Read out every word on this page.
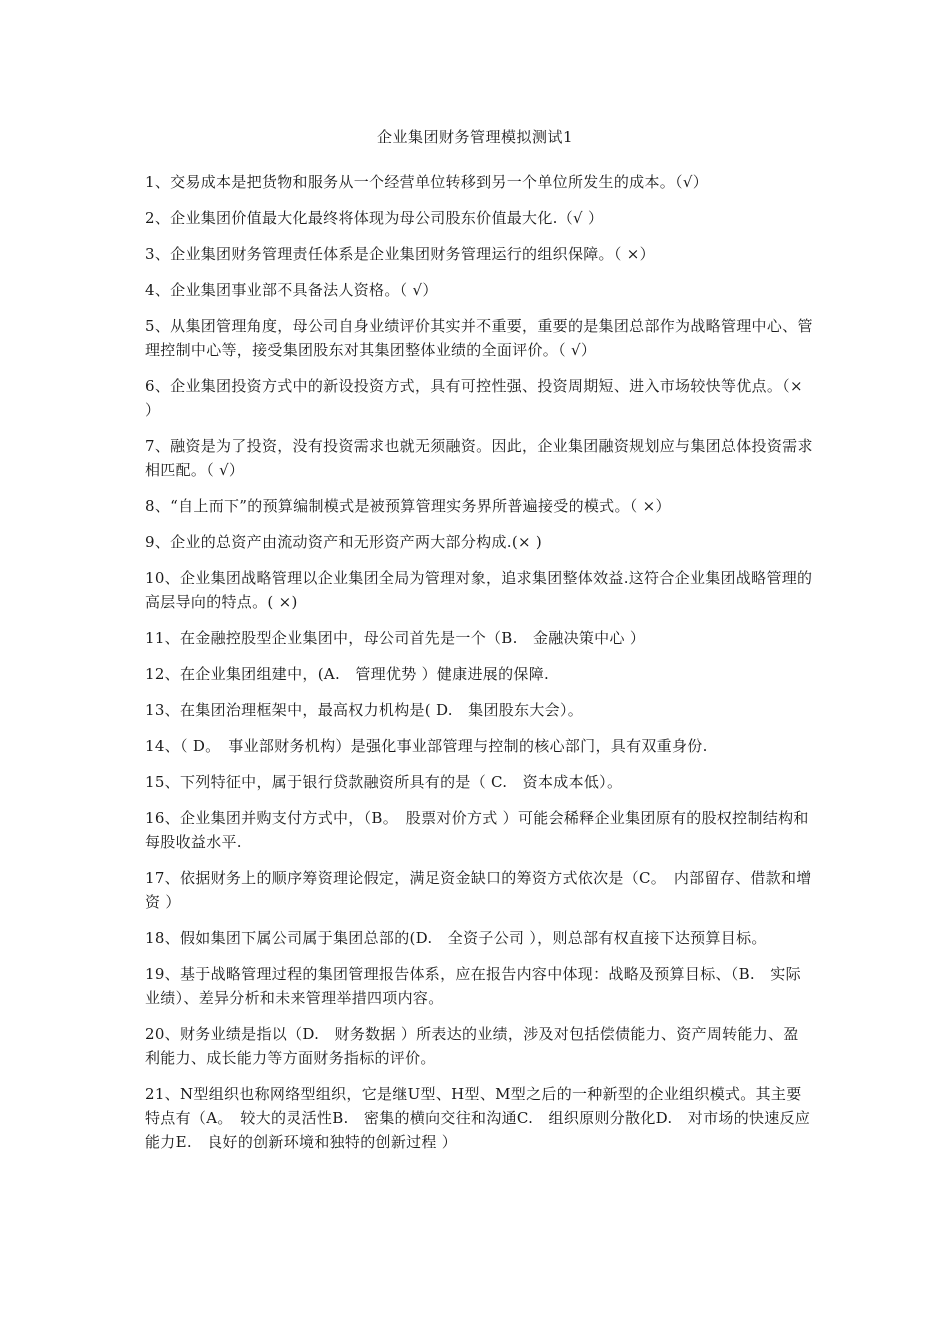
企业集团财务管理模拟测试1
1、交易成本是把货物和服务从一个经营单位转移到另一个单位所发生的成本。（√）
2、企业集团价值最大化最终将体现为母公司股东价值最大化.（√ ）
3、企业集团财务管理责任体系是企业集团财务管理运行的组织保障。（ ×）
4、企业集团事业部不具备法人资格。（ √）
5、从集团管理角度，母公司自身业绩评价其实并不重要，重要的是集团总部作为战略管理中心、管理控制中心等，接受集团股东对其集团整体业绩的全面评价。（ √）
6、企业集团投资方式中的新设投资方式，具有可控性强、投资周期短、进入市场较快等优点。（× ）
7、融资是为了投资，没有投资需求也就无须融资。因此，企业集团融资规划应与集团总体投资需求相匹配。（ √）
8、“自上而下”的预算编制模式是被预算管理实务界所普遍接受的模式。（ ×）
9、企业的总资产由流动资产和无形资产两大部分构成.(× )
10、企业集团战略管理以企业集团全局为管理对象，追求集团整体效益.这符合企业集团战略管理的高层导向的特点。( ×)
11、在金融控股型企业集团中，母公司首先是一个（B.　金融决策中心 ）
12、在企业集团组建中，(A.　管理优势 ）健康进展的保障.
13、在集团治理框架中，最高权力机构是( D.　集团股东大会）。
14、（ D。　事业部财务机构）是强化事业部管理与控制的核心部门，具有双重身份.
15、下列特征中，属于银行贷款融资所具有的是（ C.　资本成本低）。
16、企业集团并购支付方式中，（B。　股票对价方式 ）可能会稀释企业集团原有的股权控制结构和每股收益水平.
17、依据财务上的顺序筹资理论假定，满足资金缺口的筹资方式依次是（C。　内部留存、借款和增资 ）
18、假如集团下属公司属于集团总部的(D.　全资子公司 ），则总部有权直接下达预算目标。
19、基于战略管理过程的集团管理报告体系，应在报告内容中体现：战略及预算目标、（B.　实际业绩）、差异分析和未来管理举措四项内容。
20、财务业绩是指以（D.　财务数据 ）所表达的业绩，涉及对包括偿债能力、资产周转能力、盈利能力、成长能力等方面财务指标的评价。
21、N型组织也称网络型组织，它是继U型、H型、M型之后的一种新型的企业组织模式。其主要特点有（A。　较大的灵活性B.　密集的横向交往和沟通C.　组织原则分散化D.　对市场的快速反应能力E.　良好的创新环境和独特的创新过程 ）
